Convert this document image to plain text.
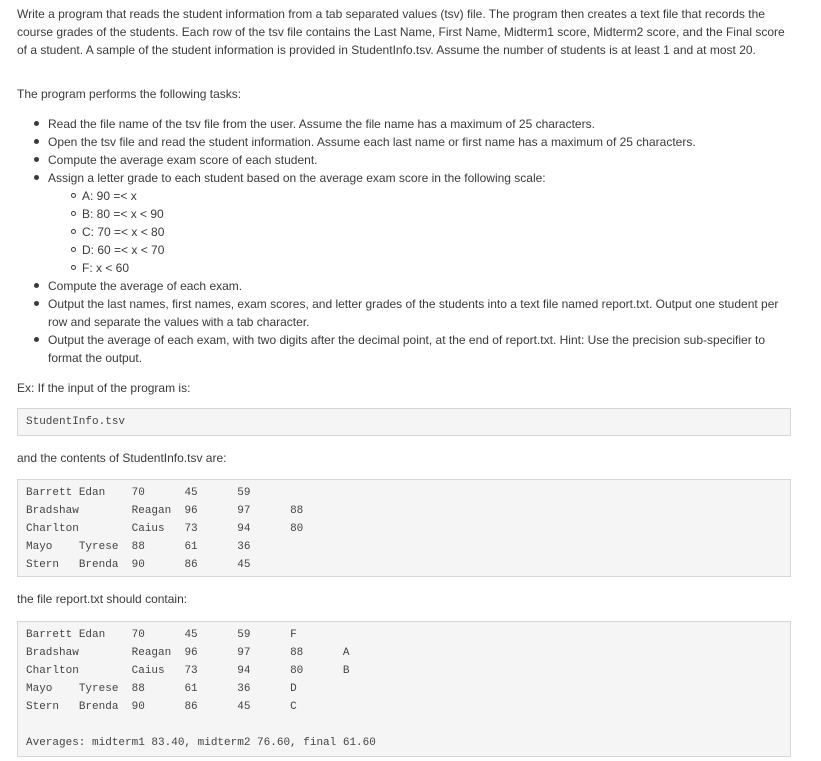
Write a program that reads the student information from a tab separated values (tsv) file. The program then creates a text file that records the course grades of the students. Each row of the tsv file contains the Last Name, First Name, Midterm1 score, Midterm2 score, and the Final score of a student. A sample of the student information is provided in StudentInfo.tsv. Assume the number of students is at least 1 and at most 20.

The program performs the following tasks:

Read the file name of the tsv file from the user. Assume the file name has a maximum of 25 characters.
Open the tsv file and read the student information. Assume each last name or first name has a maximum of 25 characters.
Compute the average exam score of each student.
Assign a letter grade to each student based on the average exam score in the following scale:
A: 90 =< x
B: 80 =< x < 90
C: 70 =< x < 80
D: 60 =< x < 70
F: x < 60
Compute the average of each exam.
Output the last names, first names, exam scores, and letter grades of the students into a text file named report.txt. Output one student per row and separate the values with a tab character.
Output the average of each exam, with two digits after the decimal point, at the end of report.txt. Hint: Use the precision sub-specifier to format the output.

Ex: If the input of the program is:

StudentInfo.tsv

and the contents of StudentInfo.tsv are:

Barrett Edan 70	45	59
Bradshaw	Reagan 96	97	88
Charlton	Caius 73	94	80
Mayo Tyrese 88	61	36
Stern Brenda 90	86	45

the file report.txt should contain:

Barrett Edan 70	45	59	F
Bradshaw	Reagan 96	97	88	A
Charlton	Caius 73	94	80	B
Mayo Tyrese 88	61	36	D
Stern Brenda 90	86	45	C
Averages: midterm1 83.40, midterm2 76.60, final 61.60
